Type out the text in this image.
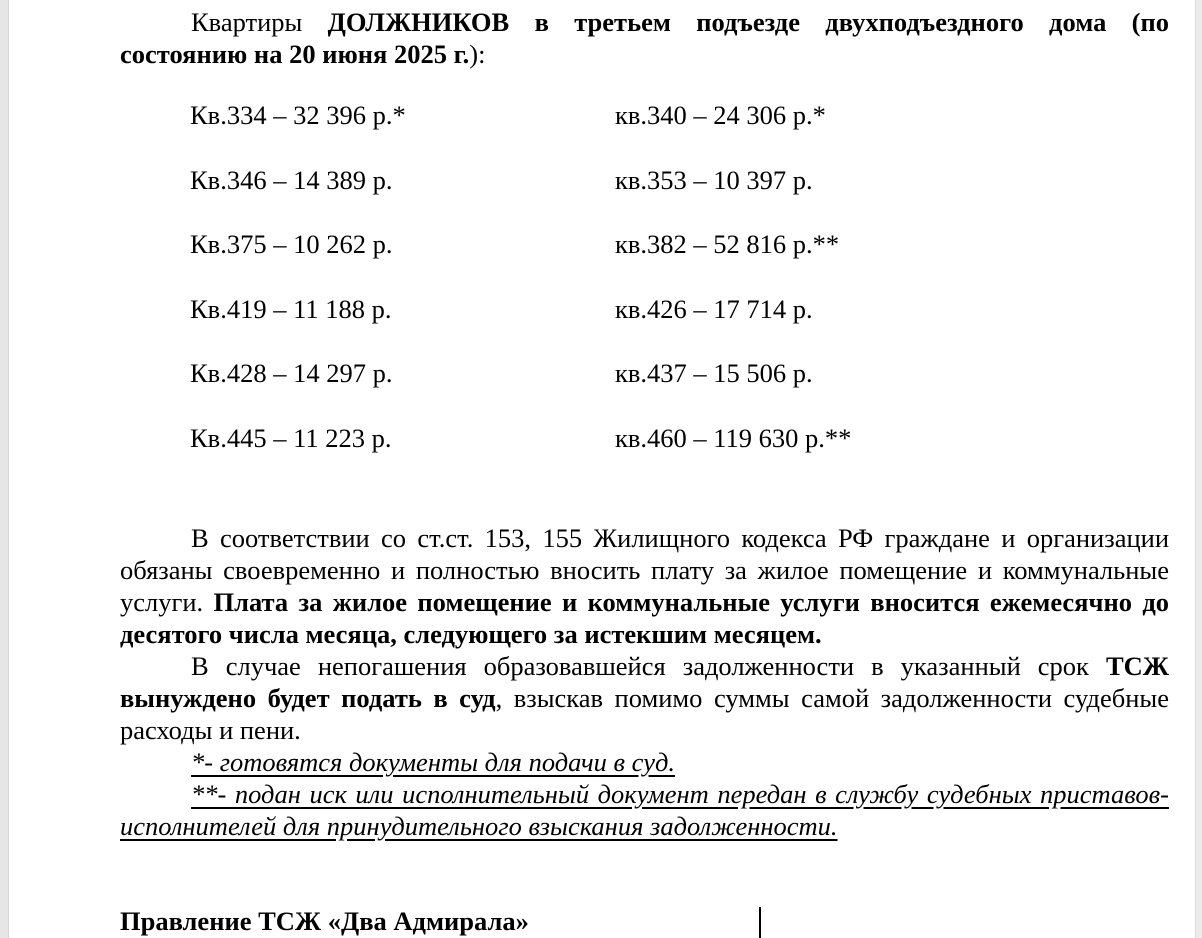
Квартиры ДОЛЖНИКОВ в третьем подъезде двухподъездного дома (по состоянию на 20 июня 2025 г.):

Кв.334 – 32 396 р.*	кв.340 – 24 306 р.*
Кв.346 – 14 389 р.	кв.353 – 10 397 р.
Кв.375 – 10 262 р.	кв.382 – 52 816 р.**
Кв.419 – 11 188 р.	кв.426 – 17 714 р.
Кв.428 – 14 297 р.	кв.437 – 15 506 р.
Кв.445 – 11 223 р.	кв.460 – 119 630 р.**

В соответствии со ст.ст. 153, 155 Жилищного кодекса РФ граждане и организации обязаны своевременно и полностью вносить плату за жилое помещение и коммунальные услуги. Плата за жилое помещение и коммунальные услуги вносится ежемесячно до десятого числа месяца, следующего за истекшим месяцем.

В случае непогашения образовавшейся задолженности в указанный срок ТСЖ вынуждено будет подать в суд, взыскав помимо суммы самой задолженности судебные расходы и пени.

*- готовятся документы для подачи в суд.

**- подан иск или исполнительный документ передан в службу судебных приставов-исполнителей для принудительного взыскания задолженности.

Правление ТСЖ «Два Адмирала»
